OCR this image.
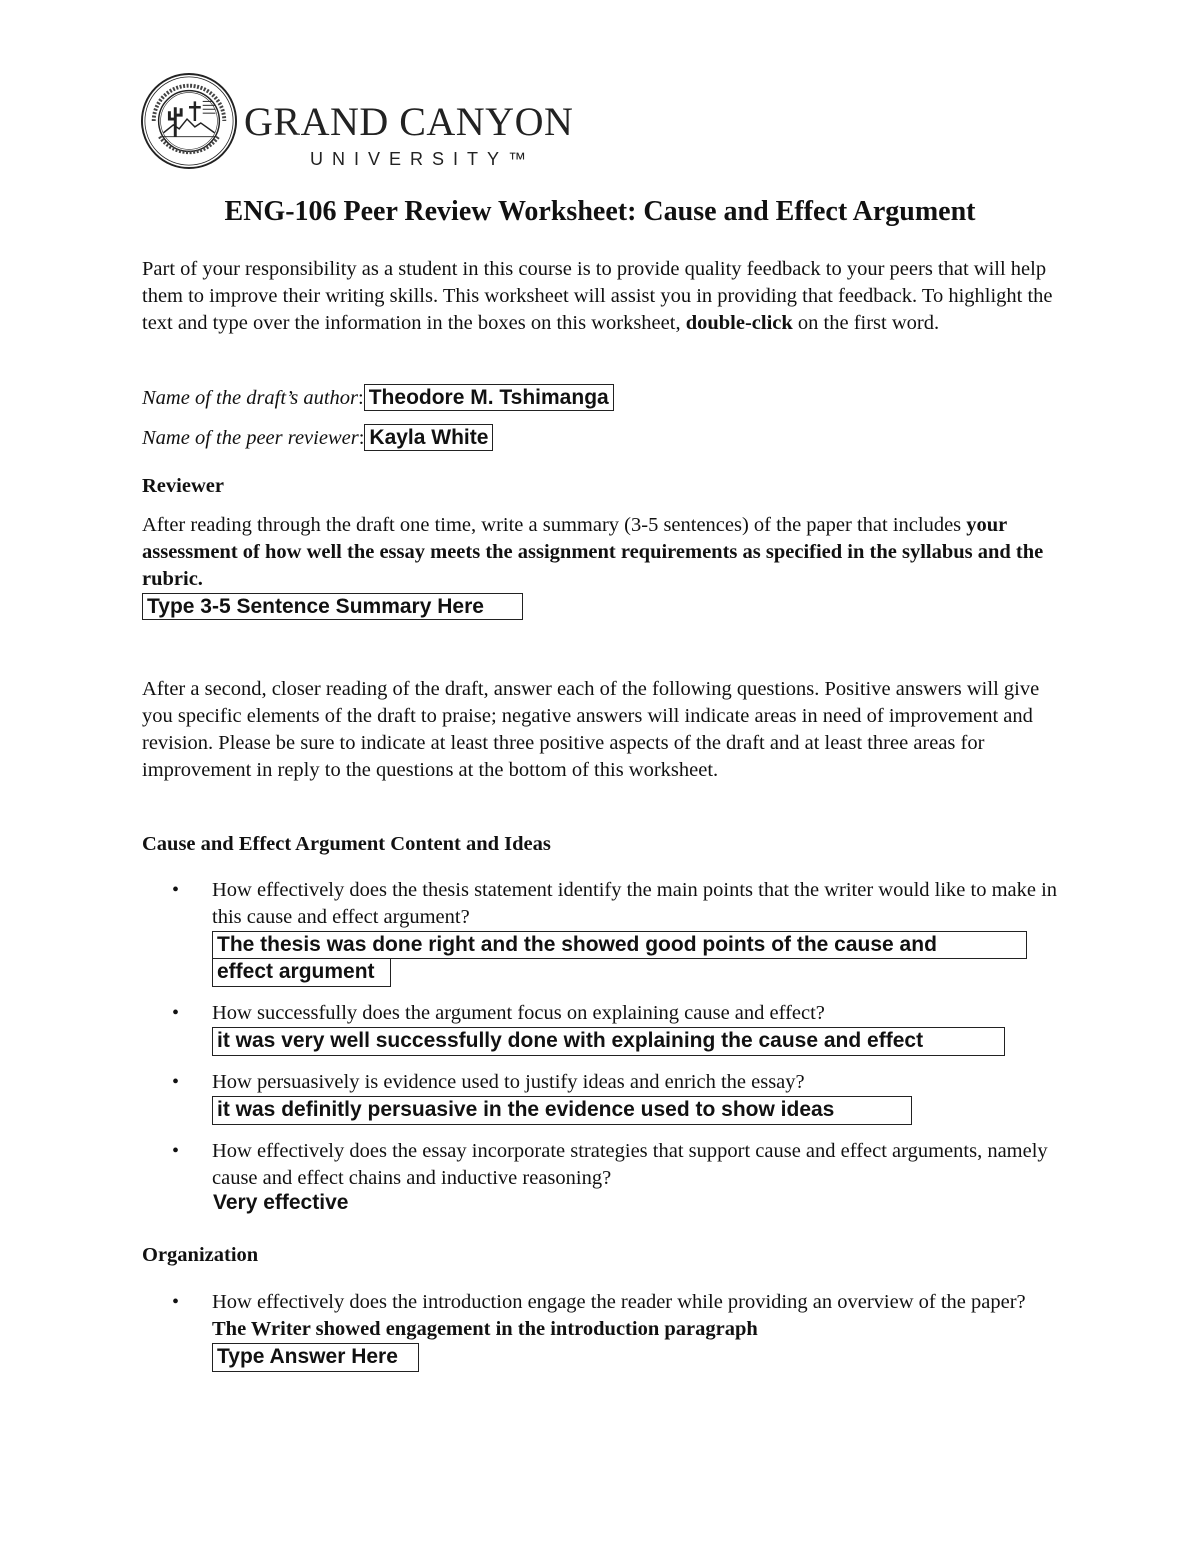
GRAND CANYON
UNIVERSITY™
ENG-106 Peer Review Worksheet: Cause and Effect Argument
Part of your responsibility as a student in this course is to provide quality feedback to your peers that will help them to improve their writing skills. This worksheet will assist you in providing that feedback. To highlight the text and type over the information in the boxes on this worksheet, double-click on the first word.
Name of the draft’s author: Theodore M. Tshimanga
Name of the peer reviewer: Kayla White
Reviewer
After reading through the draft one time, write a summary (3-5 sentences) of the paper that includes your assessment of how well the essay meets the assignment requirements as specified in the syllabus and the rubric.
Type 3-5 Sentence Summary Here
After a second, closer reading of the draft, answer each of the following questions. Positive answers will give you specific elements of the draft to praise; negative answers will indicate areas in need of improvement and revision. Please be sure to indicate at least three positive aspects of the draft and at least three areas for improvement in reply to the questions at the bottom of this worksheet.
Cause and Effect Argument Content and Ideas
• How effectively does the thesis statement identify the main points that the writer would like to make in this cause and effect argument?
The thesis was done right and the showed good points of the cause and
effect argument
• How successfully does the argument focus on explaining cause and effect?
it was very well successfully done with explaining the cause and effect
• How persuasively is evidence used to justify ideas and enrich the essay?
it was definitly persuasive in the evidence used to show ideas
• How effectively does the essay incorporate strategies that support cause and effect arguments, namely cause and effect chains and inductive reasoning?
Very effective
Organization
• How effectively does the introduction engage the reader while providing an overview of the paper? The Writer showed engagement in the introduction paragraph
Type Answer Here
